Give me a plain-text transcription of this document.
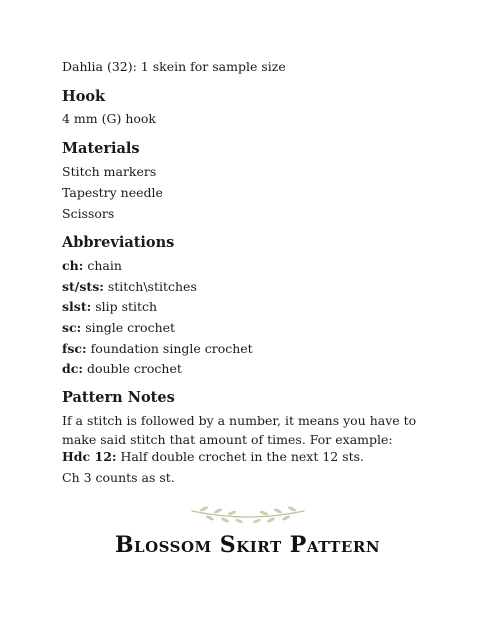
Dahlia (32): 1 skein for sample size
Hook
4 mm (G) hook
Materials
Stitch markers
Tapestry needle
Scissors
Abbreviations
ch: chain
st/sts: stitch\stitches
slst: slip stitch
sc: single crochet
fsc: foundation single crochet
dc: double crochet
Pattern Notes
If a stitch is followed by a number, it means you have to make said stitch that amount of times. For example:
Hdc 12: Half double crochet in the next 12 sts.
Ch 3 counts as st.
Blossom Skirt Pattern
